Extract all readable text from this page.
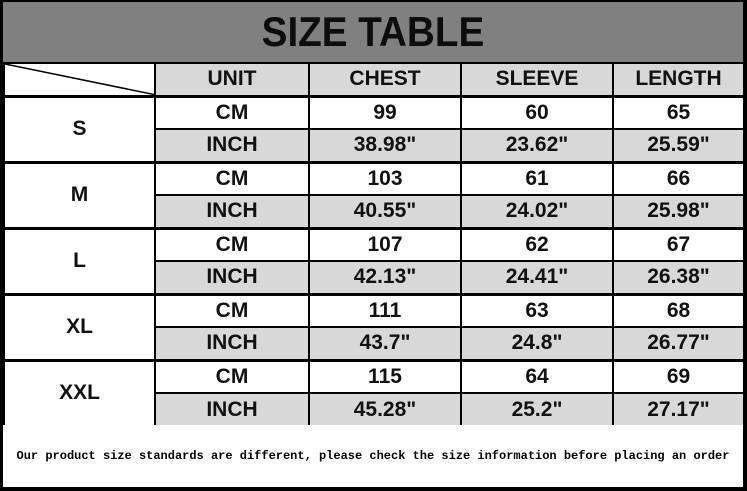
SIZE TABLE
	UNIT	CHEST	SLEEVE	LENGTH
S	CM	99	60	65
	INCH	38.98"	23.62"	25.59"
M	CM	103	61	66
	INCH	40.55"	24.02"	25.98"
L	CM	107	62	67
	INCH	42.13"	24.41"	26.38"
XL	CM	111	63	68
	INCH	43.7"	24.8"	26.77"
XXL	CM	115	64	69
	INCH	45.28"	25.2"	27.17"
Our product size standards are different, please check the size information before placing an order
